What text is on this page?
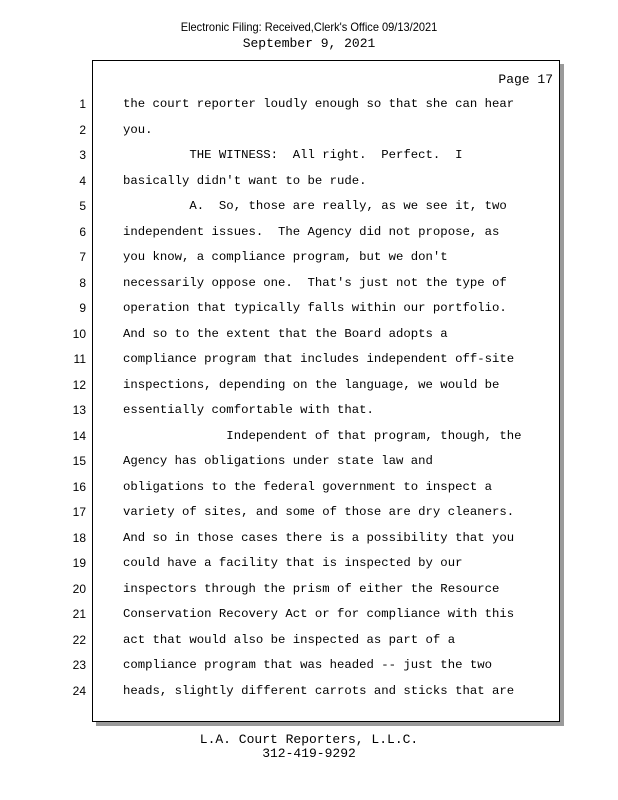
Electronic Filing: Received,Clerk's Office 09/13/2021
September 9, 2021
Page 17
1	the court reporter loudly enough so that she can hear
2	you.
3	THE WITNESS:  All right.  Perfect.  I
4	basically didn't want to be rude.
5	A.  So, those are really, as we see it, two
6	independent issues.  The Agency did not propose, as
7	you know, a compliance program, but we don't
8	necessarily oppose one.  That's just not the type of
9	operation that typically falls within our portfolio.
10	And so to the extent that the Board adopts a
11	compliance program that includes independent off-site
12	inspections, depending on the language, we would be
13	essentially comfortable with that.
14	Independent of that program, though, the
15	Agency has obligations under state law and
16	obligations to the federal government to inspect a
17	variety of sites, and some of those are dry cleaners.
18	And so in those cases there is a possibility that you
19	could have a facility that is inspected by our
20	inspectors through the prism of either the Resource
21	Conservation Recovery Act or for compliance with this
22	act that would also be inspected as part of a
23	compliance program that was headed -- just the two
24	heads, slightly different carrots and sticks that are
L.A. Court Reporters, L.L.C.
312-419-9292
